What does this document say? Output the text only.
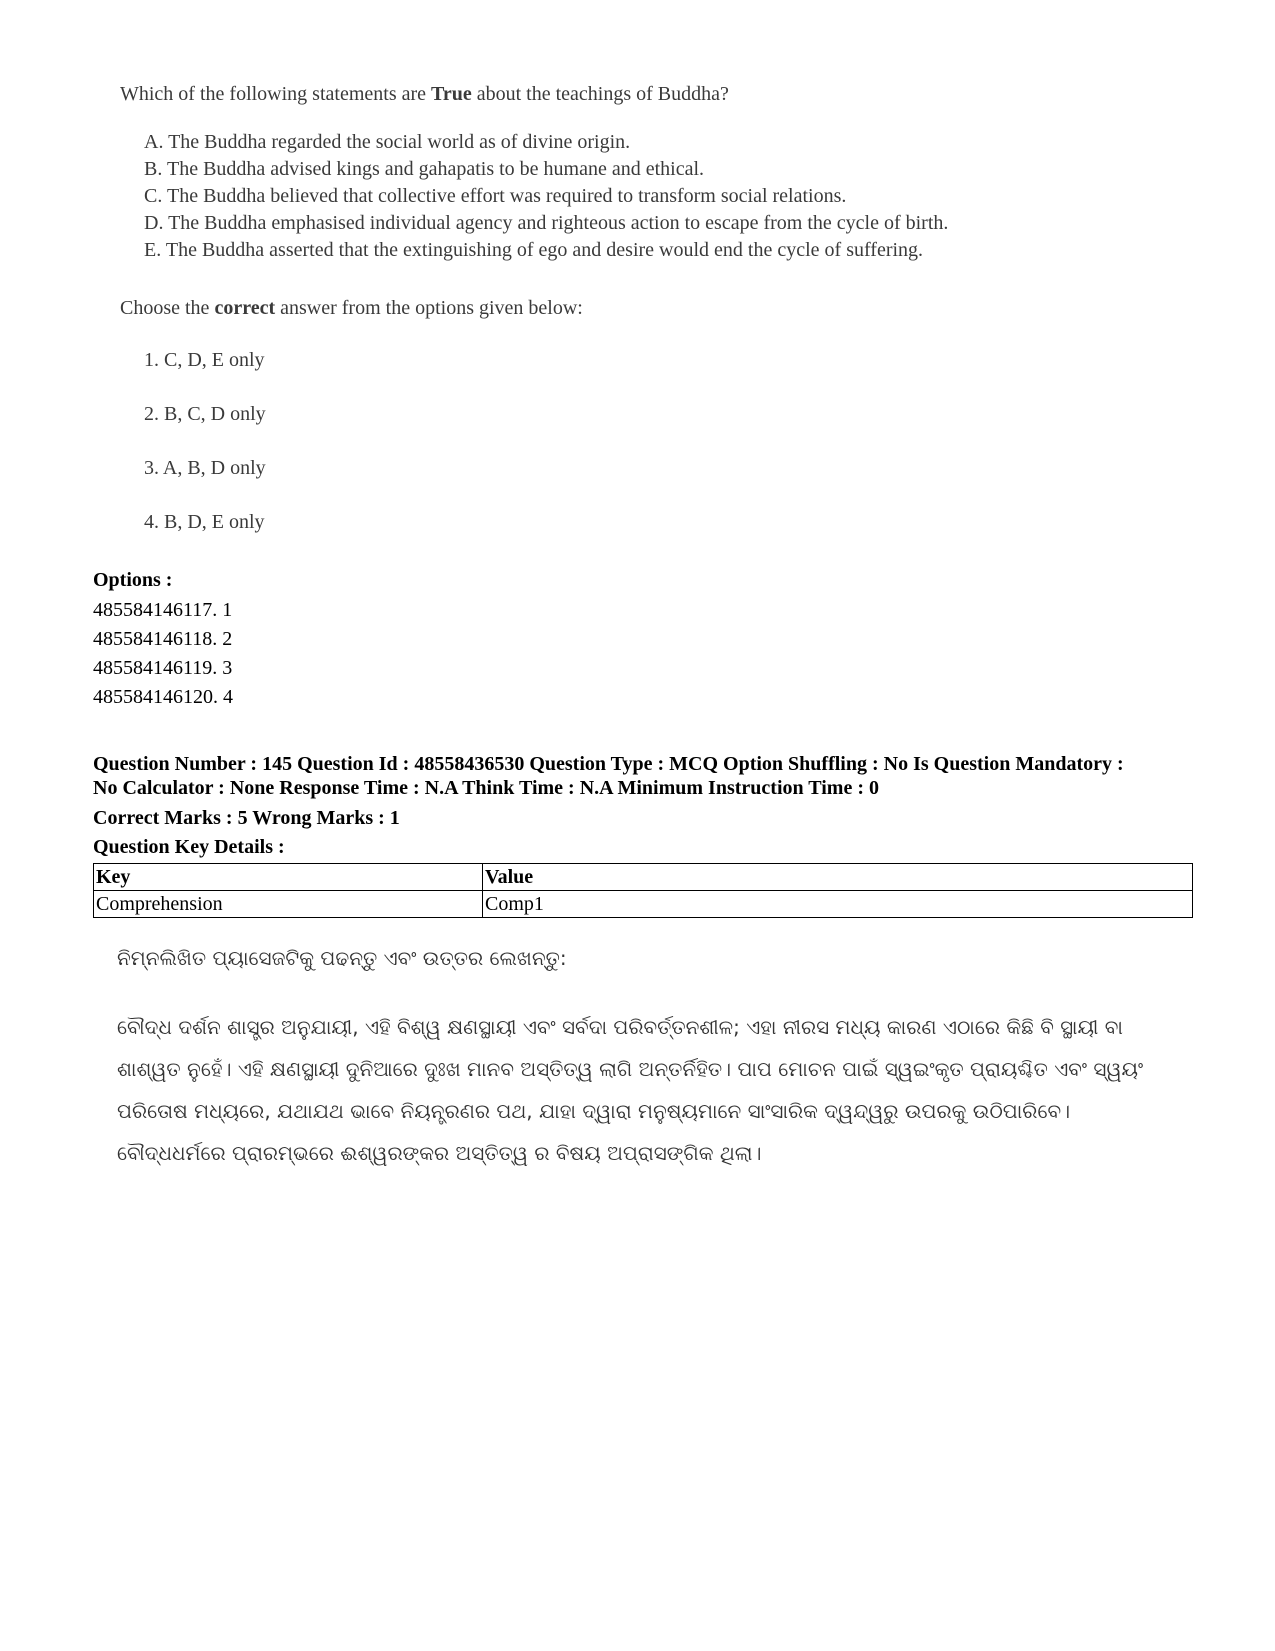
Which of the following statements are True about the teachings of Buddha?
A. The Buddha regarded the social world as of divine origin.
B. The Buddha advised kings and gahapatis to be humane and ethical.
C. The Buddha believed that collective effort was required to transform social relations.
D. The Buddha emphasised individual agency and righteous action to escape from the cycle of birth.
E. The Buddha asserted that the extinguishing of ego and desire would end the cycle of suffering.
Choose the correct answer from the options given below:
1. C, D, E only
2. B, C, D only
3. A, B, D only
4. B, D, E only
Options :
485584146117. 1
485584146118. 2
485584146119. 3
485584146120. 4
Question Number : 145 Question Id : 48558436530 Question Type : MCQ Option Shuffling : No Is Question Mandatory :
No Calculator : None Response Time : N.A Think Time : N.A Minimum Instruction Time : 0
Correct Marks : 5 Wrong Marks : 1
Question Key Details :
Key	Value
Comprehension	Comp1
ନିମ୍ନଲିଖିତ ପ୍ୟାସେଜଟିକୁ ପଢନ୍ତୁ ଏବଂ ଉତ୍ତର ଲେଖନ୍ତୁ:
ବୌଦ୍ଧ ଦର୍ଶନ ଶାସ୍ତ୍ର ଅନୁଯାୟୀ, ଏହି ବିଶ୍ୱ କ୍ଷଣସ୍ଥାୟୀ ଏବଂ ସର୍ବଦା ପରିବର୍ତ୍ତନଶୀଳ; ଏହା ନୀରସ ମଧ୍ୟ କାରଣ ଏଠାରେ କିଛି ବି ସ୍ଥାୟୀ ବା ଶାଶ୍ୱତ ନୁହେଁ। ଏହି କ୍ଷଣସ୍ଥାୟୀ ଦୁନିଆରେ ଦୁଃଖ ମାନବ ଅସ୍ତିତ୍ୱ ଲାଗି ଅନ୍ତର୍ନିହିତ। ପାପ ମୋଚନ ପାଇଁ ସ୍ୱଇଂକୃତ ପ୍ରାୟଶ୍ଚିତ ଏବଂ ସ୍ୱୟଂ ପରିତୋଷ ମଧ୍ୟରେ, ଯଥାଯଥ ଭାବେ ନିୟନ୍ତ୍ରଣର ପଥ, ଯାହା ଦ୍ୱାରା ମନୁଷ୍ୟମାନେ ସାଂସାରିକ ଦ୍ୱନ୍ଦ୍ୱରୁ ଉପରକୁ ଉଠିପାରିବେ। ବୌଦ୍ଧଧର୍ମରେ ପ୍ରାରମ୍ଭରେ ଈଶ୍ୱରଙ୍କର ଅସ୍ତିତ୍ୱ ର ବିଷୟ ଅପ୍ରାସଙ୍ଗିକ ଥିଲା।
